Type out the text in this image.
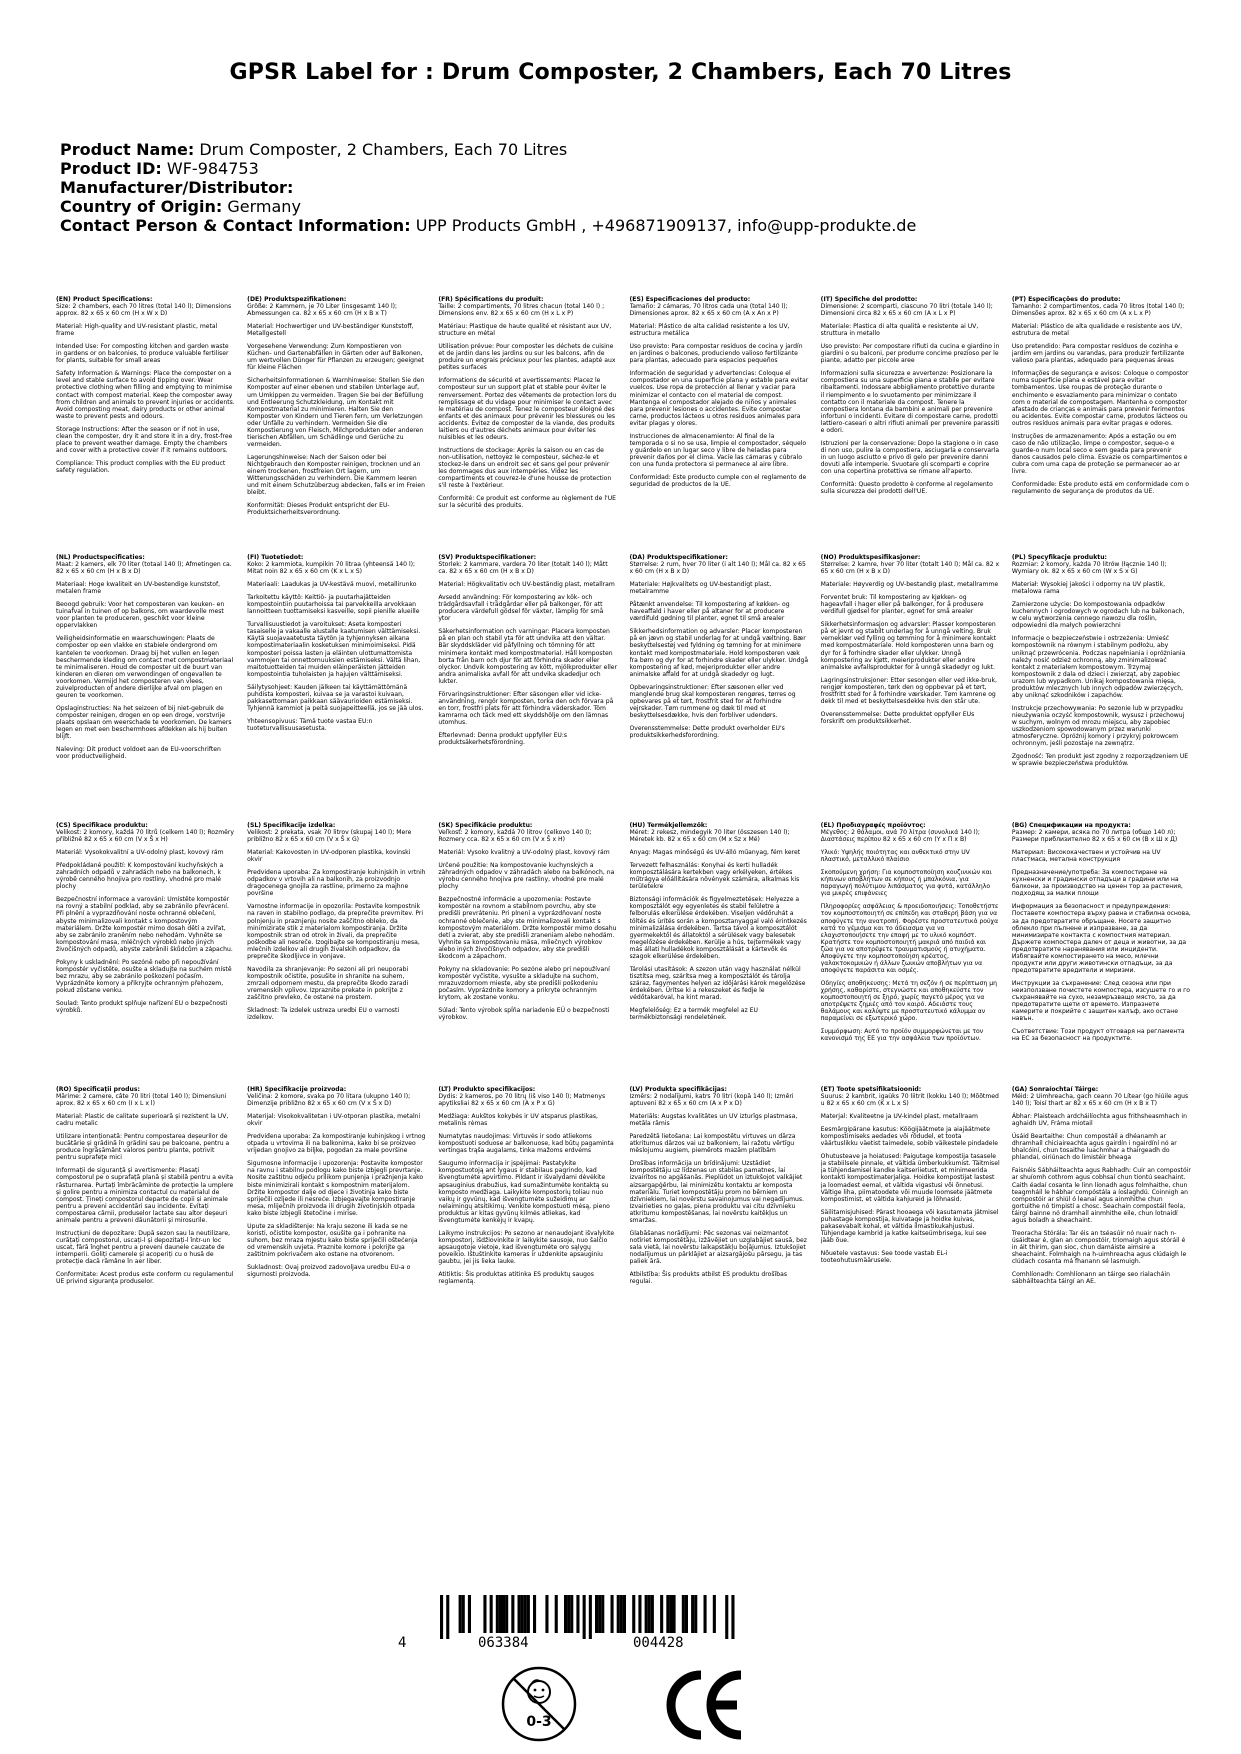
GPSR Label for : Drum Composter, 2 Chambers, Each 70 Litres
Product Name: Drum Composter, 2 Chambers, Each 70 Litres
Product ID: WF-984753
Manufacturer/Distributor:
Country of Origin: Germany
Contact Person & Contact Information: UPP Products GmbH , +496871909137, info@upp-produkte.de
(EN) Product Specifications:

Size: 2 chambers, each 70 litres (total 140 l); Dimensions approx. 82 x 65 x 60 cm (H x W x D)

Material: High-quality and UV-resistant plastic, metal frame

Intended Use: For composting kitchen and garden waste in gardens or on balconies, to produce valuable fertiliser for plants, suitable for small areas

Safety Information & Warnings: Place the composter on a level and stable surface to avoid tipping over. Wear protective clothing when filling and emptying to minimise contact with compost material. Keep the composter away from children and animals to prevent injuries or accidents. Avoid composting meat, dairy products or other animal waste to prevent pests and odours.

Storage Instructions: After the season or if not in use, clean the composter, dry it and store it in a dry, frost-free place to prevent weather damage. Empty the chambers and cover with a protective cover if it remains outdoors.

Compliance: This product complies with the EU product safety regulation.

(DE) Produktspezifikationen:

Größe: 2 Kammern, je 70 Liter (insgesamt 140 l); Abmessungen ca. 82 x 65 x 60 cm (H x B x T)

Material: Hochwertiger und UV-beständiger Kunststoff, Metallgestell

Vorgesehene Verwendung: Zum Kompostieren von Küchen- und Gartenabfällen in Gärten oder auf Balkonen, um wertvollen Dünger für Pflanzen zu erzeugen; geeignet für kleine Flächen

Sicherheitsinformationen & Warnhinweise: Stellen Sie den Komposter auf einer ebenen und stabilen Unterlage auf, um Umkippen zu vermeiden. Tragen Sie bei der Befüllung und Entleerung Schutzkleidung, um Kontakt mit Kompostmaterial zu minimieren. Halten Sie den Komposter von Kindern und Tieren fern, um Verletzungen oder Unfälle zu verhindern. Vermeiden Sie die Kompostierung von Fleisch, Milchprodukten oder anderen tierischen Abfällen, um Schädlinge und Gerüche zu vermeiden.

Lagerungshinweise: Nach der Saison oder bei Nichtgebrauch den Komposter reinigen, trocknen und an einem trockenen, frostfreien Ort lagern, um Witterungsschäden zu verhindern. Die Kammern leeren und mit einem Schutzüberzug abdecken, falls er im Freien bleibt.

Konformität: Dieses Produkt entspricht der EU-Produktsicherheitsverordnung.

(FR) Spécifications du produit:

Taille: 2 compartiments, 70 litres chacun (total 140 l) ; Dimensions env. 82 x 65 x 60 cm (H x L x P)

Matériau: Plastique de haute qualité et résistant aux UV, structure en métal

Utilisation prévue: Pour composter les déchets de cuisine et de jardin dans les jardins ou sur les balcons, afin de produire un engrais précieux pour les plantes, adapté aux petites surfaces

Informations de sécurité et avertissements: Placez le composteur sur un support plat et stable pour éviter le renversement. Portez des vêtements de protection lors du remplissage et du vidage pour minimiser le contact avec le matériau de compost. Tenez le composteur éloigné des enfants et des animaux pour prévenir les blessures ou les accidents. Évitez de composter de la viande, des produits laitiers ou d'autres déchets animaux pour éviter les nuisibles et les odeurs.

Instructions de stockage: Après la saison ou en cas de non-utilisation, nettoyez le composteur, séchez-le et stockez-le dans un endroit sec et sans gel pour prévenir les dommages dus aux intempéries. Videz les compartiments et couvrez-le d'une housse de protection s'il reste à l'extérieur.

Conformité: Ce produit est conforme au règlement de l'UE sur la sécurité des produits.

(ES) Especificaciones del producto:

Tamaño: 2 cámaras, 70 litros cada una (total 140 l); Dimensiones aprox. 82 x 65 x 60 cm (A x An x P)

Material: Plástico de alta calidad resistente a los UV, estructura metálica

Uso previsto: Para compostar residuos de cocina y jardín en jardines o balcones, produciendo valioso fertilizante para plantas, adecuado para espacios pequeños

Información de seguridad y advertencias: Coloque el compostador en una superficie plana y estable para evitar vuelcos. Use ropa de protección al llenar y vaciar para minimizar el contacto con el material de compost. Mantenga el compostador alejado de niños y animales para prevenir lesiones o accidentes. Evite compostar carne, productos lácteos u otros residuos animales para evitar plagas y olores.

Instrucciones de almacenamiento: Al final de la temporada o si no se usa, limpie el compostador, séquelo y guárdelo en un lugar seco y libre de heladas para prevenir daños por el clima. Vacíe las cámaras y cúbralo con una funda protectora si permanece al aire libre.

Conformidad: Este producto cumple con el reglamento de seguridad de productos de la UE.

(IT) Specifiche del prodotto:

Dimensione: 2 scomparti, ciascuno 70 litri (totale 140 l); Dimensioni circa 82 x 65 x 60 cm (A x L x P)

Materiale: Plastica di alta qualità e resistente ai UV, struttura in metallo

Uso previsto: Per compostare rifiuti da cucina e giardino in giardini o su balconi, per produrre concime prezioso per le piante, adatto per piccole aree

Informazioni sulla sicurezza e avvertenze: Posizionare la compostiera su una superficie piana e stabile per evitare ribaltamenti. Indossare abbigliamento protettivo durante il riempimento e lo svuotamento per minimizzare il contatto con il materiale da compost. Tenere la compostiera lontana da bambini e animali per prevenire infortuni o incidenti. Evitare di compostare carne, prodotti lattiero-caseari o altri rifiuti animali per prevenire parassiti e odori.

Istruzioni per la conservazione: Dopo la stagione o in caso di non uso, pulire la compostiera, asciugarla e conservarla in un luogo asciutto e privo di gelo per prevenire danni dovuti alle intemperie. Svuotare gli scomparti e coprire con una copertina protettiva se rimane all'aperto.

Conformità: Questo prodotto è conforme al regolamento sulla sicurezza dei prodotti dell'UE.

(PT) Especificações do produto:

Tamanho: 2 compartimentos, cada 70 litros (total 140 l); Dimensões aprox. 82 x 65 x 60 cm (A x L x P)

Material: Plástico de alta qualidade e resistente aos UV, estrutura de metal

Uso pretendido: Para compostar resíduos de cozinha e jardim em jardins ou varandas, para produzir fertilizante valioso para plantas, adequado para pequenas áreas

Informações de segurança e avisos: Coloque o compostor numa superfície plana e estável para evitar tombamentos. Use roupas de proteção durante o enchimento e esvaziamento para minimizar o contato com o material de compostagem. Mantenha o compostor afastado de crianças e animais para prevenir ferimentos ou acidentes. Evite compostar carne, produtos lácteos ou outros resíduos animais para evitar pragas e odores.

Instruções de armazenamento: Após a estação ou em caso de não utilização, limpe o compostor, seque-o e guarde-o num local seco e sem geada para prevenir danos causados pelo clima. Esvazie os compartimentos e cubra com uma capa de proteção se permanecer ao ar livre.

Conformidade: Este produto está em conformidade com o regulamento de segurança de produtos da UE.

(NL) Productspecificaties:

Maat: 2 kamers, elk 70 liter (totaal 140 l); Afmetingen ca. 82 x 65 x 60 cm (H x B x D)

Materiaal: Hoge kwaliteit en UV-bestendige kunststof, metalen frame

Beoogd gebruik: Voor het composteren van keuken- en tuinafval in tuinen of op balkons, om waardevolle mest voor planten te produceren, geschikt voor kleine oppervlakken

Veiligheidsinformatie en waarschuwingen: Plaats de composter op een vlakke en stabiele ondergrond om kantelen te voorkomen. Draag bij het vullen en legen beschermende kleding om contact met compostmateriaal te minimaliseren. Houd de composter uit de buurt van kinderen en dieren om verwondingen of ongevallen te voorkomen. Vermijd het composteren van vlees, zuivelproducten of andere dierlijke afval om plagen en geuren te voorkomen.

Opslaginstructies: Na het seizoen of bij niet-gebruik de composter reinigen, drogen en op een droge, vorstvrije plaats opslaan om weerschade te voorkomen. De kamers legen en met een beschermhoes afdekken als hij buiten blijft.

Naleving: Dit product voldoet aan de EU-voorschriften voor productveiligheid.

(FI) Tuotetiedot:

Koko: 2 kammiota, kumpikin 70 litraa (yhteensä 140 l); Mitat noin 82 x 65 x 60 cm (K x L x S)

Materiaali: Laadukas ja UV-kestävä muovi, metallirunko

Tarkoitettu käyttö: Keittiö- ja puutarhajätteiden kompostointiin puutarhoissa tai parvekkeilla arvokkaan lannoitteen tuottamiseksi kasveille, sopii pienille alueille

Turvallisuustiedot ja varoitukset: Aseta komposteri tasaiselle ja vakaalle alustalle kaatumisen välttämiseksi. Käytä suojavaatetusta täytön ja tyhjennyksen aikana kompostimateriaalin kosketuksen minimoimiseksi. Pidä komposteri poissa lasten ja eläinten ulottumattomista vammojen tai onnettomuuksien estämiseksi. Vältä lihan, maitotuotteiden tai muiden eläinperäisten jätteiden kompostointia tuholaisten ja hajujen välttämiseksi.

Säilytysohjeet: Kauden jälkeen tai käyttämättömänä puhdista komposteri, kuivaa se ja varastoi kuivaan, pakkasettomaan paikkaan säävaurioiden estämiseksi. Tyhjennä kammiot ja peitä suojapeitteellä, jos se jää ulos.

Yhteensopivuus: Tämä tuote vastaa EU:n tuoteturvallisuusasetusta.

(SV) Produktspecifikationer:

Storlek: 2 kammare, vardera 70 liter (totalt 140 l); Mått ca. 82 x 65 x 60 cm (H x B x D)

Material: Högkvalitativ och UV-beständig plast, metallram

Avsedd användning: För kompostering av kök- och trädgårdsavfall i trädgårdar eller på balkonger, för att producera värdefull gödsel för växter, lämplig för små ytor

Säkerhetsinformation och varningar: Placera komposten på en plan och stabil yta för att undvika att den vältar. Bär skyddskläder vid påfyllning och tömning för att minimera kontakt med kompostmaterial. Håll komposten borta från barn och djur för att förhindra skador eller olyckor. Undvik kompostering av kött, mjölkprodukter eller andra animaliska avfall för att undvika skadedjur och lukter.

Förvaringsinstruktioner: Efter säsongen eller vid icke-användning, rengör komposten, torka den och förvara på en torr, frostfri plats för att förhindra väderskador. Töm kamrarna och täck med ett skyddshölje om den lämnas utomhus.

Efterlevnad: Denna produkt uppfyller EU:s produktsäkerhetsförordning.

(DA) Produktspecifikationer:

Størrelse: 2 rum, hver 70 liter (i alt 140 l); Mål ca. 82 x 65 x 60 cm (H x B x D)

Materiale: Højkvalitets og UV-bestandigt plast, metalramme

Påtænkt anvendelse: Til kompostering af køkken- og haveaffald i haver eller på altaner for at producere værdifuld gødning til planter, egnet til små arealer

Sikkerhedsinformation og advarsler: Placer komposteren på en jævn og stabil underlag for at undgå væltning. Bær beskyttelsestøj ved fyldning og tømning for at minimere kontakt med kompostmateriale. Hold komposteren væk fra børn og dyr for at forhindre skader eller ulykker. Undgå kompostering af kød, mejeriprodukter eller andre animalske affald for at undgå skadedyr og lugt.

Opbevaringsinstruktioner: Efter sæsonen eller ved manglende brug skal komposteren rengøres, tørres og opbevares på et tørt, frostfrit sted for at forhindre vejrskader. Tøm rummene og dæk til med et beskyttelsesdække, hvis den forbliver udendørs.

Overensstemmelse: Dette produkt overholder EU's produktsikkerhedsforordning.

(NO) Produktspesifikasjoner:

Størrelse: 2 kamre, hver 70 liter (totalt 140 l); Mål ca. 82 x 65 x 60 cm (H x B x D)

Materiale: Høyverdig og UV-bestandig plast, metallramme

Forventet bruk: Til kompostering av kjøkken- og hageavfall i hager eller på balkonger, for å produsere verdifull gjødsel for planter, egnet for små arealer

Sikkerhetsinformasjon og advarsler: Plasser komposteren på et jevnt og stabilt underlag for å unngå velting. Bruk verneklær ved fylling og tømming for å minimere kontakt med kompostmateriale. Hold komposteren unna barn og dyr for å forhindre skader eller ulykker. Unngå kompostering av kjøtt, meieriprodukter eller andre animalske avfallsprodukter for å unngå skadedyr og lukt.

Lagringsinstruksjoner: Etter sesongen eller ved ikke-bruk, rengjør komposteren, tørk den og oppbevar på et tørt, frostfritt sted for å forhindre værskader. Tøm kamrene og dekk til med et beskyttelsesdekke hvis den står ute.

Overensstemmelse: Dette produktet oppfyller EUs forskrift om produktsikkerhet.

(PL) Specyfikacje produktu:

Rozmiar: 2 komory, każda 70 litrów (łącznie 140 l); Wymiary ok. 82 x 65 x 60 cm (W x S x G)

Materiał: Wysokiej jakości i odporny na UV plastik, metalowa rama

Zamierzone użycie: Do kompostowania odpadków kuchennych i ogrodowych w ogrodach lub na balkonach, w celu wytworzenia cennego nawozu dla roślin, odpowiedni dla małych powierzchni

Informacje o bezpieczeństwie i ostrzeżenia: Umieść kompostownik na równym i stabilnym podłożu, aby uniknąć przewrócenia. Podczas napełniania i opróżniania należy nosić odzież ochronną, aby zminimalizować kontakt z materiałem kompostowym. Trzymaj kompostownik z dala od dzieci i zwierząt, aby zapobiec urazom lub wypadkom. Unikaj kompostowania mięsa, produktów mlecznych lub innych odpadów zwierzęcych, aby uniknąć szkodników i zapachów.

Instrukcje przechowywania: Po sezonie lub w przypadku nieużywania oczyść kompostownik, wysusz i przechowuj w suchym, wolnym od mrozu miejscu, aby zapobiec uszkodzeniom spowodowanym przez warunki atmosferyczne. Opróżnij komory i przykryj pokrowcem ochronnym, jeśli pozostaje na zewnątrz.

Zgodność: Ten produkt jest zgodny z rozporządzeniem UE w sprawie bezpieczeństwa produktów.

(CS) Specifikace produktu:

Velikost: 2 komory, každá 70 litrů (celkem 140 l); Rozměry přibližně 82 x 65 x 60 cm (V x Š x H)

Materiál: Vysokokvalitní a UV-odolný plast, kovový rám

Předpokládané použití: K kompostování kuchyňských a zahradních odpadů v zahradách nebo na balkonech, k výrobě cenného hnojiva pro rostliny, vhodné pro malé plochy

Bezpečnostní informace a varování: Umístěte kompostér na rovný a stabilní podklad, aby se zabránilo převrácení. Při plnění a vyprazdňování noste ochranné oblečení, abyste minimalizovali kontakt s kompostovým materiálem. Držte kompostér mimo dosah dětí a zvířat, aby se zabránilo zraněním nebo nehodám. Vyhněte se kompostování masa, mléčných výrobků nebo jiných živočišných odpadů, abyste zabránili škůdcům a zápachu.

Pokyny k uskladnění: Po sezóně nebo při nepoužívání kompostér vyčistěte, osušte a skladujte na suchém místě bez mrazu, aby se zabránilo poškození počasím. Vyprázdněte komory a přikryjte ochranným přehozem, pokud zůstane venku.

Soulad: Tento produkt splňuje nařízení EU o bezpečnosti výrobků.

(SL) Specifikacije izdelka:

Velikost: 2 prekata, vsak 70 litrov (skupaj 140 l); Mere približno 82 x 65 x 60 cm (V x Š x G)

Material: Kakovosten in UV-odporen plastika, kovinski okvir

Predvidena uporaba: Za kompostiranje kuhinjskih in vrtnih odpadkov v vrtovih ali na balkonih, za proizvodnjo dragocenega gnojila za rastline, primerno za majhne površine

Varnostne informacije in opozorila: Postavite kompostnik na raven in stabilno podlago, da preprečite prevrnitev. Pri polnjenju in praznjenju nosite zaščitno obleko, da minimizirate stik z materialom kompostiranja. Držite kompostnik stran od otrok in živali, da preprečite poškodbe ali nesreče. Izogibajte se kompostiranju mesa, mlečnih izdelkov ali drugih živalskih odpadkov, da preprečite škodljivce in vonjave.

Navodila za shranjevanje: Po sezoni ali pri neuporabi kompostnik očistite, posušite in shranite na suhem, zmrzali odpornem mestu, da preprečite škodo zaradi vremenskih vplivov. Izpraznite prekate in pokrijte z zaščitno prevleko, če ostane na prostem.

Skladnost: Ta izdelek ustreza uredbi EU o varnosti izdelkov.

(SK) Špecifikácie produktu:

Veľkosť: 2 komory, každá 70 litrov (celkovo 140 l); Rozmery cca. 82 x 65 x 60 cm (V x Š x H)

Materiál: Vysoko kvalitný a UV-odolný plast, kovový rám

Určené použitie: Na kompostovanie kuchynských a záhradných odpadov v záhradách alebo na balkónoch, na výrobu cenného hnojiva pre rastliny, vhodné pre malé plochy

Bezpečnostné informácie a upozornenia: Postavte kompostér na rovnom a stabilnom povrchu, aby ste predišli prevráteniu. Pri plnení a vyprázdňovaní noste ochranné oblečenie, aby ste minimalizovali kontakt s kompostovým materiálom. Držte kompostér mimo dosahu detí a zvierat, aby ste predišli zraneniam alebo nehodám. Vyhnite sa kompostovaniu mäsa, mliečnych výrobkov alebo iných živočíšnych odpadov, aby ste predišli škodcom a zápachom.

Pokyny na skladovanie: Po sezóne alebo pri nepoužívaní kompostér vyčistite, vysušte a skladujte na suchom, mrazuvzdornom mieste, aby ste predišli poškodeniu počasím. Vyprázdnite komory a prikryte ochranným krytom, ak zostane vonku.

Súlad: Tento výrobok spĺňa nariadenie EÚ o bezpečnosti výrobkov.

(HU) Termékjellemzők:

Méret: 2 rekesz, mindegyik 70 liter (összesen 140 l); Méretek kb. 82 x 65 x 60 cm (M x Sz x Mé)

Anyag: Magas minőségű és UV-álló műanyag, fém keret

Tervezett felhasználás: Konyhai és kerti hulladék komposztálására kertekben vagy erkélyeken, értékes műtrágya előállítására növények számára, alkalmas kis területekre

Biztonsági információk és figyelmeztetések: Helyezze a komposztálót egy egyenletes és stabil felületre a felborulás elkerülése érdekében. Viseljen védőruhát a töltés és ürítés során a komposztanyaggal való érintkezés minimalizálása érdekében. Tartsa távol a komposztálót gyermekektől és állatoktól a sérülések vagy balesetek megelőzése érdekében. Kerülje a hús, tejtermékek vagy más állati hulladékok komposztálását a kártevők és szagok elkerülése érdekében.

Tárolási utasítások: A szezon után vagy használat nélkül tisztítsa meg, szárítsa meg a komposztálót és tárolja száraz, fagymentes helyen az időjárási károk megelőzése érdekében. Ürítse ki a rekeszeket és fedje le védőtakaróval, ha kint marad.

Megfelelőség: Ez a termék megfelel az EU termékbiztonsági rendeletének.

(EL) Προδιαγραφές προϊόντος:

Μέγεθος: 2 θάλαμοι, ανά 70 λίτρα (συνολικά 140 l); Διαστάσεις περίπου 82 x 65 x 60 cm (Υ x Π x Β)

Υλικό: Υψηλής ποιότητας και ανθεκτικό στην UV πλαστικό, μεταλλικό πλαίσιο

Σκοπούμενη χρήση: Για κομποστοποίηση κουζινικών και κήπινων αποβλήτων σε κήπους ή μπαλκόνια, για παραγωγή πολύτιμου λιπάσματος για φυτά, κατάλληλο για μικρές επιφάνειες

Πληροφορίες ασφάλειας & προειδοποιήσεις: Τοποθετήστε τον κομποστοποιητή σε επίπεδη και σταθερή βάση για να αποφύγετε την ανατροπή. Φορέστε προστατευτικά ρούχα κατά το γέμισμα και το άδειασμα για να ελαχιστοποιήσετε την επαφή με το υλικό κομπόστ. Κρατήστε τον κομποστοποιητή μακριά από παιδιά και ζώα για να αποτρέψετε τραυματισμούς ή ατυχήματα. Αποφύγετε την κομποστοποίηση κρέατος, γαλακτοκομικών ή άλλων ζωικών αποβλήτων για να αποφύγετε παράσιτα και οσμές.

Οδηγίες αποθήκευσης: Μετά τη σεζόν ή σε περίπτωση μη χρήσης, καθαρίστε, στεγνώστε και αποθηκεύστε τον κομποστοποιητή σε ξηρό, χωρίς παγετό μέρος για να αποτρέψετε ζημιές από τον καιρό. Αδειάστε τους θαλάμους και καλύψτε με προστατευτικό κάλυμμα αν παραμείνει σε εξωτερικό χώρο.

Συμμόρφωση: Αυτό το προϊόν συμμορφώνεται με τον κανονισμό της ΕΕ για την ασφάλεια των προϊόντων.

(BG) Спецификации на продукта:

Размер: 2 камери, всяка по 70 литра (общо 140 л); Размери приблизително 82 x 65 x 60 см (В x Ш x Д)

Материал: Висококачествен и устойчив на UV пластмаса, метална конструкция

Предназначение/употреба: За компостиране на кухненски и градински отпадъци в градини или на балкони, за производство на ценен тор за растения, подходящ за малки площи

Информация за безопасност и предупреждения: Поставете компостера върху равна и стабилна основа, за да предотвратите обръщане. Носете защитно облекло при пълнене и изпразване, за да минимизирате контакта с компостния материал. Държете компостера далеч от деца и животни, за да предотвратите наранявания или инциденти. Избягвайте компостирането на месо, млечни продукти или други животински отпадъци, за да предотвратите вредители и миризми.

Инструкции за съхранение: След сезона или при неизползване почистете компостера, изсушете го и го съхранявайте на сухо, незамръзващо място, за да предотвратите щети от времето. Изпразнете камерите и покрийте с защитен калъф, ако остане навън.

Съответствие: Този продукт отговаря на регламента на ЕС за безопасност на продуктите.

(RO) Specificații produs:

Mărime: 2 camere, câte 70 litri (total 140 l); Dimensiuni aprox. 82 x 65 x 60 cm (I x L x l)

Material: Plastic de calitate superioară și rezistent la UV, cadru metalic

Utilizare intenționată: Pentru compostarea deșeurilor de bucătărie și grădină în grădini sau pe balcoane, pentru a produce îngrășământ valoros pentru plante, potrivit pentru suprafețe mici

Informații de siguranță și avertismente: Plasați compostorul pe o suprafață plană și stabilă pentru a evita răsturnarea. Purtați îmbrăcăminte de protecție la umplere și golire pentru a minimiza contactul cu materialul de compost. Țineți compostorul departe de copii și animale pentru a preveni accidentări sau incidente. Evitați compostarea cărnii, produselor lactate sau altor deșeuri animale pentru a preveni dăunătorii și mirosurile.

Instrucțiuni de depozitare: După sezon sau la neutilizare, curățați compostorul, uscați-l și depozitați-l într-un loc uscat, fără înghet pentru a preveni daunele cauzate de intemperii. Goliți camerele și acoperiți cu o husă de protecție dacă rămâne în aer liber.

Conformitate: Acest produs este conform cu regulamentul UE privind siguranța produselor.

(HR) Specifikacije proizvoda:

Veličina: 2 komore, svaka po 70 litara (ukupno 140 l); Dimenzije približno 82 x 65 x 60 cm (V x Š x D)

Materijal: Visokokvalitetan i UV-otporan plastika, metalni okvir

Predviđena uporaba: Za kompostiranje kuhinjskog i vrtnog otpada u vrtovima ili na balkonima, kako bi se proizveo vrijedan gnojivo za biljke, pogodan za male površine

Sigurnosne informacije i upozorenja: Postavite kompostor na ravnu i stabilnu podlogu kako biste izbjegli prevrtanje. Nosite zaštitnu odjeću prilikom punjenja i pražnjenja kako biste minimizirali kontakt s kompostnim materijalom. Držite kompostor dalje od djece i životinja kako biste spriječili ozljede ili nesreće. Izbjegavajte kompostiranje mesa, mliječnih proizvoda ili drugih životinjskih otpada kako biste izbjegli štetočine i mirise.

Upute za skladištenje: Na kraju sezone ili kada se ne koristi, očistite kompostor, osušite ga i pohranite na suhom, bez mraza mjestu kako biste spriječili oštećenja od vremenskih uvjeta. Praznite komore i pokrijte ga zaštitnim pokrivačem ako ostane na otvorenom.

Sukladnost: Ovaj proizvod zadovoljava uredbu EU-a o sigurnosti proizvoda.

(LT) Produkto specifikacijos:

Dydis: 2 kameros, po 70 litrų (iš viso 140 l); Matmenys apytiksliai 82 x 65 x 60 cm (A x P x G)

Medžiaga: Aukštos kokybės ir UV atsparus plastikas, metalinis rėmas

Numatytas naudojimas: Virtuvės ir sodo atliekoms kompostuoti soduose ar balkonuose, kad būtų pagaminta vertingas trąša augalams, tinka mažoms erdvėms

Saugumo informacija ir įspėjimai: Pastatykite kompostuotoją ant lygaus ir stabilaus pagrindo, kad išvengtumėte apvirtimo. Pildant ir išvalydami dėvėkite apsauginius drabužius, kad sumažintumėte kontaktą su komposto medžiaga. Laikykite kompostorių toliau nuo vaikų ir gyvūnų, kad išvengtumėte sužeidimų ar nelaimingų atsitikimų. Venkite kompostuoti mėsą, pieno produktus ar kitas gyvūnų kilmės atliekas, kad išvengtumėte kenkėjų ir kvapų.

Laikymo instrukcijos: Po sezono ar nenaudojant išvalykite kompostorį, išdžiovinkite ir laikykite sausoje, nuo šalčio apsaugotoje vietoje, kad išvengtumėte oro sąlygų poveikio. Ištuštinkite kameras ir uždenkite apsauginiu gaubtu, jei jis lieka lauke.

Atitiktis: Šis produktas atitinka ES produktų saugos reglamentą.

(LV) Produkta specifikācijas:

Izmērs: 2 nodalījumi, katrs 70 litri (kopā 140 l); Izmēri aptuveni 82 x 65 x 60 cm (A x P x D)

Materiāls: Augstas kvalitātes un UV izturīgs plastmasa, metāla rāmis

Paredzētā lietošana: Lai kompostētu virtuves un dārza atkritumus dārzos vai uz balkoniem, lai ražotu vērtīgu mēslojumu augiem, piemērots mazām platībām

Drošības informācija un brīdinājumi: Uzstādiet kompostētāju uz līdzenas un stabilas pamatnes, lai izvairītos no apgāšanās. Pieplūdot un iztukšojot valkājiet aizsargapģērbu, lai minimizētu kontaktu ar komposta materiālu. Turiet kompostētāju prom no bērniem un dzīvniekiem, lai novērstu savainojumus vai negadījumus. Izvairieties no gaļas, piena produktu vai citu dzīvnieku atkritumu kompostēšanas, lai novērstu kaitēkļus un smaržas.

Glabāšanas norādījumi: Pēc sezonas vai neizmantot notīriet kompostētāju, izžāvējiet un uzglabājiet sausā, bez sala vietā, lai novērstu laikapstākļu bojājumus. Iztukšojiet nodalījumus un pārklājiet ar aizsargājošu pārsegu, ja tas paliek ārā.

Atbilstība: Šis produkts atbilst ES produktu drošības regulai.

(ET) Toote spetsifikatsioonid:

Suurus: 2 kambrit, igaüks 70 liitrit (kokku 140 l); Mõõtmed u 82 x 65 x 60 cm (K x L x S)

Materjal: Kvaliteetne ja UV-kindel plast, metallraam

Eesmärgipärane kasutus: Köögijäätmete ja aiajäätmete kompostimiseks aedades või rõdudel, et toota väärtuslikku väetist taimedele, sobib väikestele pindadele

Ohutusteave ja hoiatused: Paigutage kompostija tasasele ja stabiilsele pinnale, et vältida ümberkukkumist. Täitmisel ja tühjendamisel kandke kaitseriietust, et minimeerida kontakti kompostimaterjaliga. Hoidke kompostijat lastest ja loomadest eemal, et vältida vigastusi või õnnetusi. Vältige liha, piimatoodete või muude loomsete jäätmete kompostimist, et vältida kahjureid ja lõhnasid.

Säilitamisjuhised: Pärast hooaega või kasutamata jätmisel puhastage kompostija, kuivatage ja hoidke kuivas, pakasevabalt kohal, et vältida ilmastikukahjustusi. Tühjendage kambrid ja katke kaitseümbrisega, kui see jääb õue.

Nõuetele vastavus: See toode vastab EL-i tooteohutusmäärusele.

(GA) Sonraíochtaí Táirge:

Méid: 2 Uimhreacha, gach ceann 70 Lítear (go hiúile agus 140 l); Toisí thart ar 82 x 65 x 60 cm (H x B x T)

Ábhar: Plaisteach ardcháilíochta agus frithsheasmhach in aghaidh UV, Fráma miotail

Úsáid Beartaithe: Chun compostáil a dhéanamh ar dhramhaíl chiciaireachta agus gairdín i ngairdíní nó ar bhalcóiní, chun tosaithe luachmhar a thairgeadh do phlandaí, oiriúnach do limistéir bheaga

Faisnéis Sábháilteachta agus Rabhadh: Cuir an compostóir ar shuíomh cothrom agus cobhsaí chun tiontú seachaint. Caith éadaí cosanta le linn líonadh agus folmhaithe, chun teagmháil le hábhar compóstála a íoslaghdú. Coinnigh an compostóir ar shiúl ó leanaí agus ainmhithe chun gortuithe nó timpistí a chosc. Seachain compostáil feola, táirgí bainne nó dramhaíl ainmhithe eile, chun lotnaidí agus boladh a sheachaint.

Treoracha Stórála: Tar éis an tséasúir nó nuair nach n-úsáidtear é, glan an compostóir, triomaigh agus stóráil é in áit thirim, gan sioc, chun damáiste aimsire a sheachaint. Folmhaigh na h-uimhreacha agus clúdaigh le clúdach cosanta má fhanann sé lasmuigh.

Comhlíonadh: Comhlíonann an táirge seo rialacháin sábháilteachta táirgí an AE.

4	063384	004428
0-3
